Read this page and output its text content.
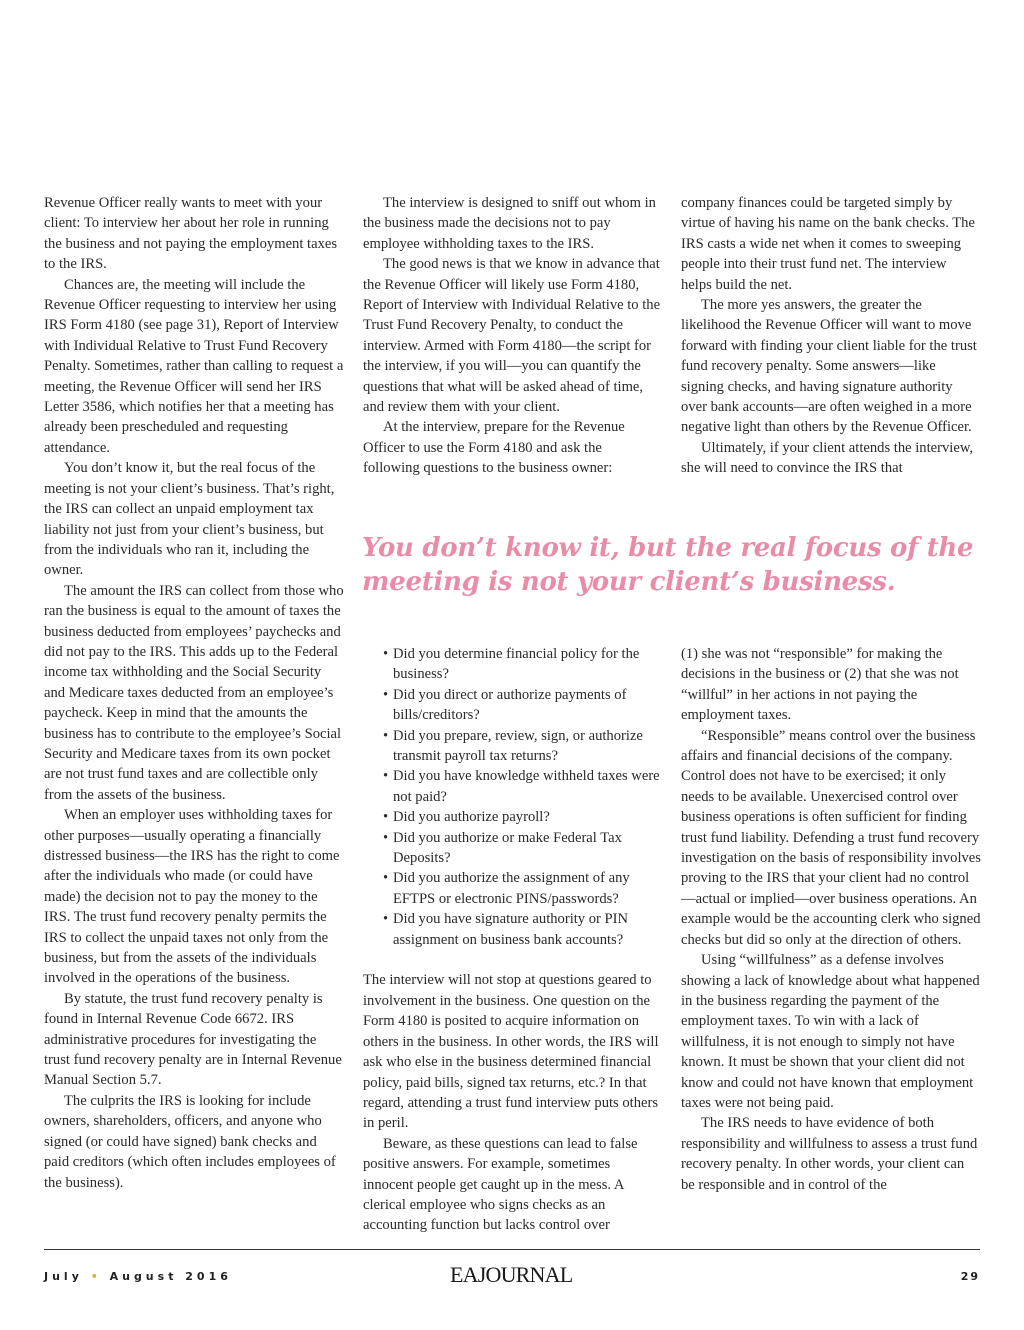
Revenue Officer really wants to meet with your client: To interview her about her role in running the business and not paying the employment taxes to the IRS.

Chances are, the meeting will include the Revenue Officer requesting to interview her using IRS Form 4180 (see page 31), Report of Interview with Individual Relative to Trust Fund Recovery Penalty. Sometimes, rather than calling to request a meeting, the Revenue Officer will send her IRS Letter 3586, which notifies her that a meeting has already been prescheduled and requesting attendance.

You don’t know it, but the real focus of the meeting is not your client’s business. That’s right, the IRS can collect an unpaid employment tax liability not just from your client’s business, but from the individuals who ran it, including the owner.

The amount the IRS can collect from those who ran the business is equal to the amount of taxes the business deducted from employees’ paychecks and did not pay to the IRS. This adds up to the Federal income tax withholding and the Social Security and Medicare taxes deducted from an employee’s paycheck. Keep in mind that the amounts the business has to contribute to the employee’s Social Security and Medicare taxes from its own pocket are not trust fund taxes and are collectible only from the assets of the business.

When an employer uses withholding taxes for other purposes—usually operating a financially distressed business—the IRS has the right to come after the individuals who made (or could have made) the decision not to pay the money to the IRS. The trust fund recovery penalty permits the IRS to collect the unpaid taxes not only from the business, but from the assets of the individuals involved in the operations of the business.

By statute, the trust fund recovery penalty is found in Internal Revenue Code 6672. IRS administrative procedures for investigating the trust fund recovery penalty are in Internal Revenue Manual Section 5.7.

The culprits the IRS is looking for include owners, shareholders, officers, and anyone who signed (or could have signed) bank checks and paid creditors (which often includes employees of the business).

The interview is designed to sniff out whom in the business made the decisions not to pay employee withholding taxes to the IRS.

The good news is that we know in advance that the Revenue Officer will likely use Form 4180, Report of Interview with Individual Relative to the Trust Fund Recovery Penalty, to conduct the interview. Armed with Form 4180—the script for the interview, if you will—you can quantify the questions that what will be asked ahead of time, and review them with your client.

At the interview, prepare for the Revenue Officer to use the Form 4180 and ask the following questions to the business owner:

company finances could be targeted simply by virtue of having his name on the bank checks. The IRS casts a wide net when it comes to sweeping people into their trust fund net. The interview helps build the net.

The more yes answers, the greater the likelihood the Revenue Officer will want to move forward with finding your client liable for the trust fund recovery penalty. Some answers—like signing checks, and having signature authority over bank accounts—are often weighed in a more negative light than others by the Revenue Officer.

Ultimately, if your client attends the interview, she will need to convince the IRS that

You don’t know it, but the real focus of the meeting is not your client’s business.
• Did you determine financial policy for the business?
• Did you direct or authorize payments of bills/creditors?
• Did you prepare, review, sign, or authorize transmit payroll tax returns?
• Did you have knowledge withheld taxes were not paid?
• Did you authorize payroll?
• Did you authorize or make Federal Tax Deposits?
• Did you authorize the assignment of any EFTPS or electronic PINS/passwords?
• Did you have signature authority or PIN assignment on business bank accounts?

The interview will not stop at questions geared to involvement in the business. One question on the Form 4180 is posited to acquire information on others in the business. In other words, the IRS will ask who else in the business determined financial policy, paid bills, signed tax returns, etc.? In that regard, attending a trust fund interview puts others in peril.

Beware, as these questions can lead to false positive answers. For example, sometimes innocent people get caught up in the mess. A clerical employee who signs checks as an accounting function but lacks control over

(1) she was not “responsible” for making the decisions in the business or (2) that she was not “willful” in her actions in not paying the employment taxes.

“Responsible” means control over the business affairs and financial decisions of the company. Control does not have to be exercised; it only needs to be available. Unexercised control over business operations is often sufficient for finding trust fund liability. Defending a trust fund recovery investigation on the basis of responsibility involves proving to the IRS that your client had no control—actual or implied—over business operations. An example would be the accounting clerk who signed checks but did so only at the direction of others.

Using “willfulness” as a defense involves showing a lack of knowledge about what happened in the business regarding the payment of the employment taxes. To win with a lack of willfulness, it is not enough to simply not have known. It must be shown that your client did not know and could not have known that employment taxes were not being paid.

The IRS needs to have evidence of both responsibility and willfulness to assess a trust fund recovery penalty. In other words, your client can be responsible and in control of the

July • August 2016	EAJOURNAL	29
